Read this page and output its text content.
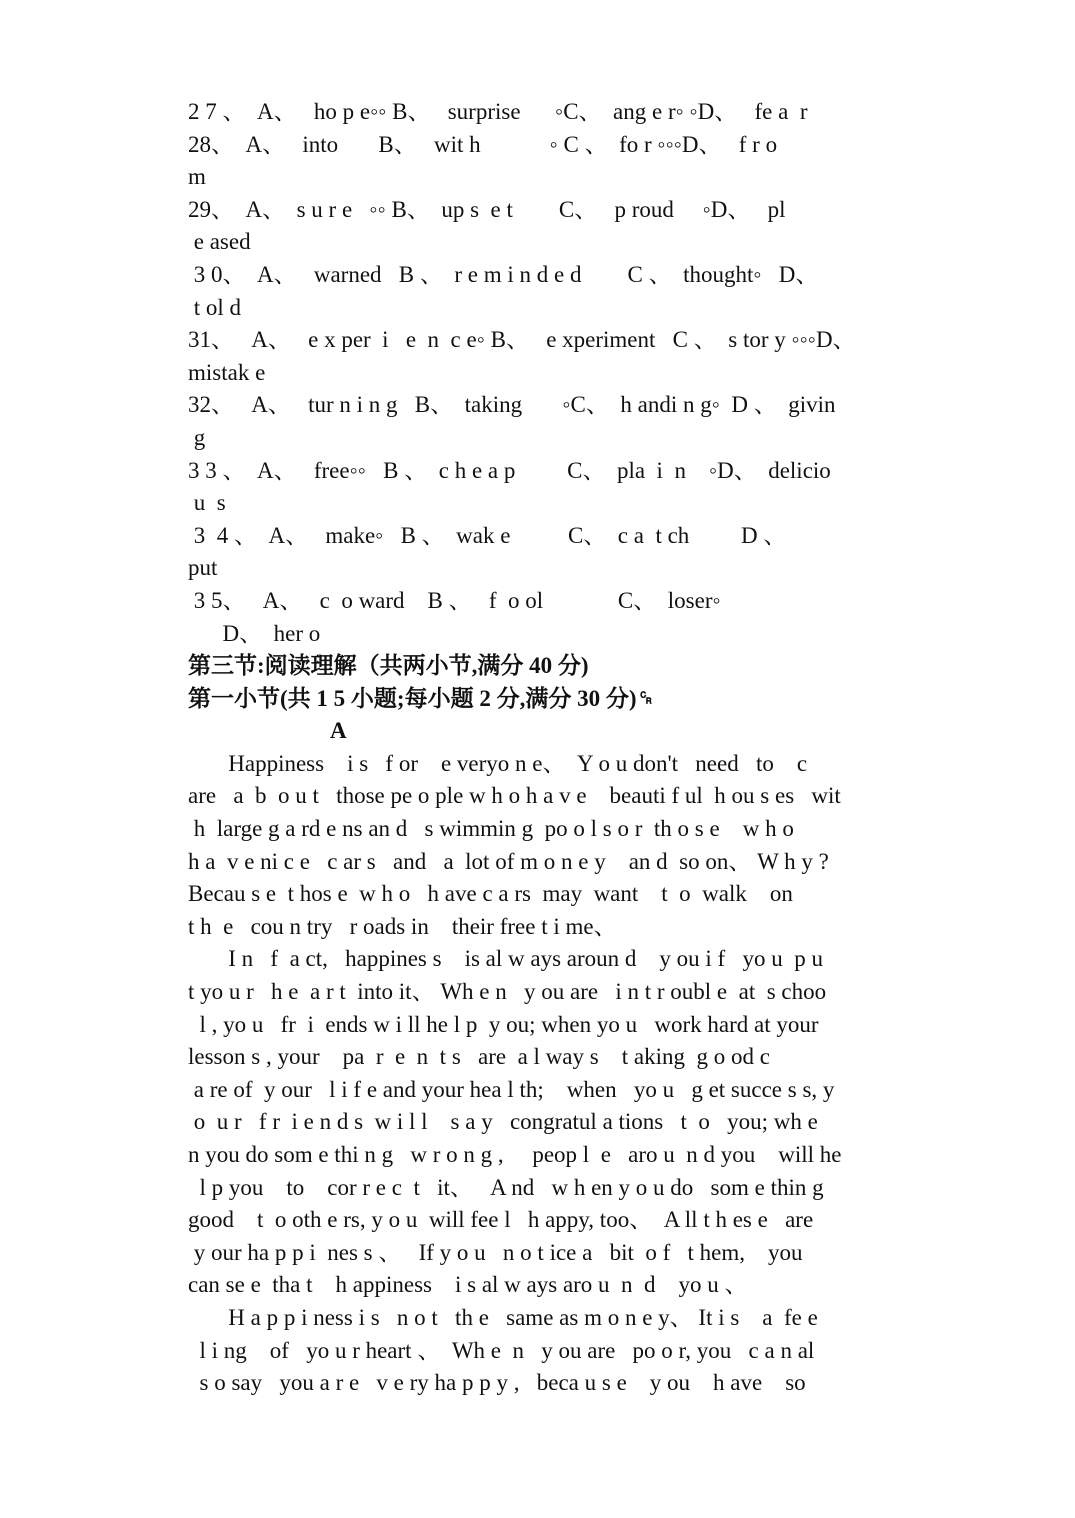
2 7 、  A、   ho p e◦◦ B、   surprise      ◦C、  ang e r◦ ◦D、   fe a  r
28、  A、   into       B、   wit h            ◦ C 、  fo r ◦◦◦D、   f r o
m
29、  A、  s u r e   ◦◦ B、  up s  e t        C、   p roud     ◦D、   pl
e ased
3 0、  A、   warned   B 、  r e m i n d e d        C 、  thought◦   D、
t ol d
31、   A、   e x per  i   e  n  c e◦ B、   e xperiment   C 、  s tor y ◦◦◦D、
mistak e
32、   A、   tur n i n g   B、  taking       ◦C、  h andi n g◦  D 、  givin
g
3 3 、  A、   free◦◦   B 、  c h e a p         C、  pla  i  n    ◦D、  delicio
u  s
3  4 、  A、   make◦   B 、  wak e          C、  c a  t ch         D 、
put
3 5、   A、   c  o ward    B 、   f  o ol             C、  loser◦
D、  her o
第三节:阅读理解（共两小节,满分 40 分)
第一小节(共 1 5 小题;每小题 2 分,满分 30 分)␍
A
Happiness    i s   f or    e veryo n e、  Y o u don't   need   to    c
are   a  b  o u t   those pe o ple w h o h a v e    beauti f ul  h ou s es   wit
h  large g a rd e ns an d   s wimmin g  po o l s o r  th o s e    w h o
h a  v e ni c e   c ar s   and   a  lot of m o n e y    an d  so on、 W h y ?
Becau s e  t hos e  w h o   h ave c a rs  may  want    t  o  walk    on
t h  e   cou n try   r oads in    their free t i me、
I n   f  a ct,   happines s    is al w ays aroun d    y ou i f   yo u  p u
t yo u r   h e  a r t  into it、 Wh e n   y ou are   i n t r oubl e  at  s choo
l , yo u   fr  i  ends w i ll he l p  y ou; when yo u   work hard at your
lesson s , your    pa  r  e  n  t s   are  a l way s    t aking  g o od c
a re of  y our   l i f e and your hea l th;    when   yo u   g et succe s s, y
o  u r   f r  i e n d s  w i l l    s a y   congratul a tions   t  o   you; wh e
n you do som e thi n g   w r o n g ,     peop l  e   aro u  n d you    will he
l p you    to    cor r e c  t   it、   A nd   w h en y o u do   som e thin g
good    t  o oth e rs, y o u  will fee l   h appy, too、  A ll t h es e   are
y our ha p p i  nes s 、   If y o u   n o t ice a   bit  o f   t hem,    you
can se e  tha t    h appiness    i s al w ays aro u  n  d    yo u 、
H a p p i ness i s   n o t   th e   same as m o n e y、 It i s    a  fe e
l i ng    of   yo u r heart 、  Wh e  n   y ou are   po o r, you   c a n al
s o say   you a r e   v e ry ha p p y ,   beca u s e    y ou    h ave    so
